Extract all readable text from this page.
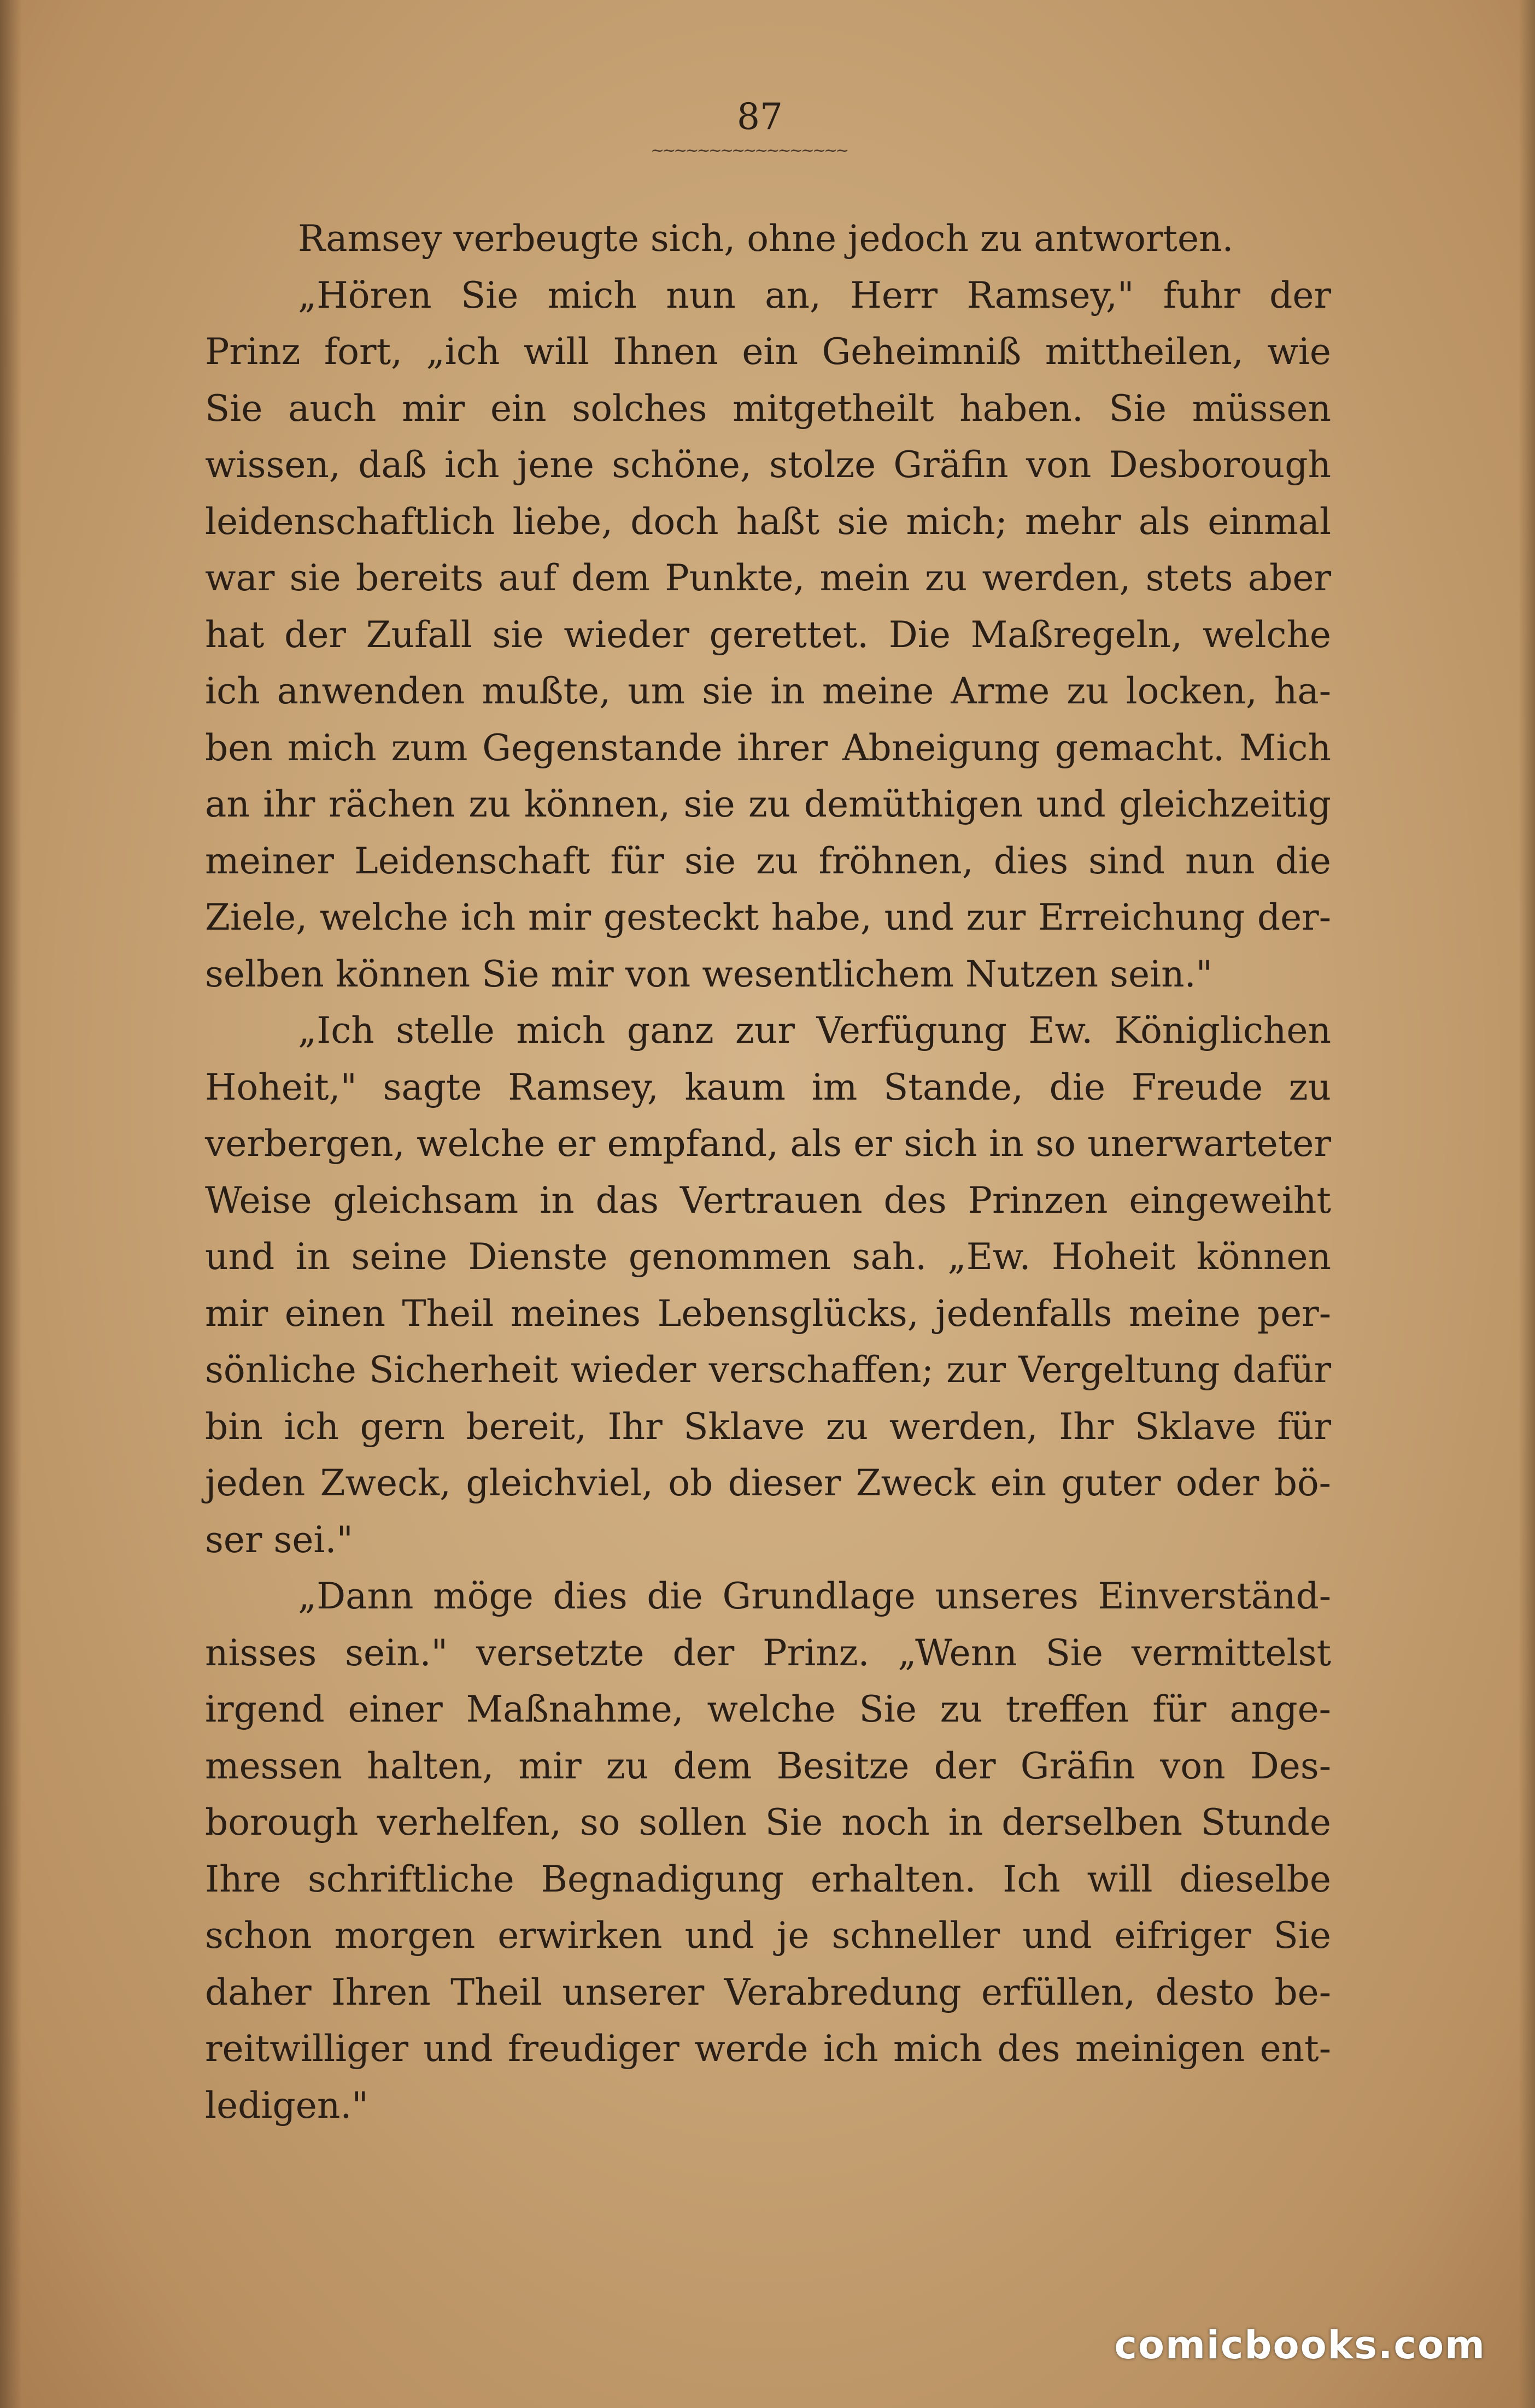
87
~~~~~~~~~~~~~~~~~
Ramsey verbeugte sich, ohne jedoch zu antworten.
„Hören Sie mich nun an, Herr Ramsey," fuhr der
Prinz fort, „ich will Ihnen ein Geheimniß mittheilen, wie
Sie auch mir ein solches mitgetheilt haben. Sie müssen
wissen, daß ich jene schöne, stolze Gräfin von Desborough
leidenschaftlich liebe, doch haßt sie mich; mehr als einmal
war sie bereits auf dem Punkte, mein zu werden, stets aber
hat der Zufall sie wieder gerettet. Die Maßregeln, welche
ich anwenden mußte, um sie in meine Arme zu locken, ha-
ben mich zum Gegenstande ihrer Abneigung gemacht. Mich
an ihr rächen zu können, sie zu demüthigen und gleichzeitig
meiner Leidenschaft für sie zu fröhnen, dies sind nun die
Ziele, welche ich mir gesteckt habe, und zur Erreichung der-
selben können Sie mir von wesentlichem Nutzen sein."
„Ich stelle mich ganz zur Verfügung Ew. Königlichen
Hoheit," sagte Ramsey, kaum im Stande, die Freude zu
verbergen, welche er empfand, als er sich in so unerwarteter
Weise gleichsam in das Vertrauen des Prinzen eingeweiht
und in seine Dienste genommen sah. „Ew. Hoheit können
mir einen Theil meines Lebensglücks, jedenfalls meine per-
sönliche Sicherheit wieder verschaffen; zur Vergeltung dafür
bin ich gern bereit, Ihr Sklave zu werden, Ihr Sklave für
jeden Zweck, gleichviel, ob dieser Zweck ein guter oder bö-
ser sei."
„Dann möge dies die Grundlage unseres Einverständ-
nisses sein." versetzte der Prinz. „Wenn Sie vermittelst
irgend einer Maßnahme, welche Sie zu treffen für ange-
messen halten, mir zu dem Besitze der Gräfin von Des-
borough verhelfen, so sollen Sie noch in derselben Stunde
Ihre schriftliche Begnadigung erhalten. Ich will dieselbe
schon morgen erwirken und je schneller und eifriger Sie
daher Ihren Theil unserer Verabredung erfüllen, desto be-
reitwilliger und freudiger werde ich mich des meinigen ent-
ledigen."
comicbooks.com
